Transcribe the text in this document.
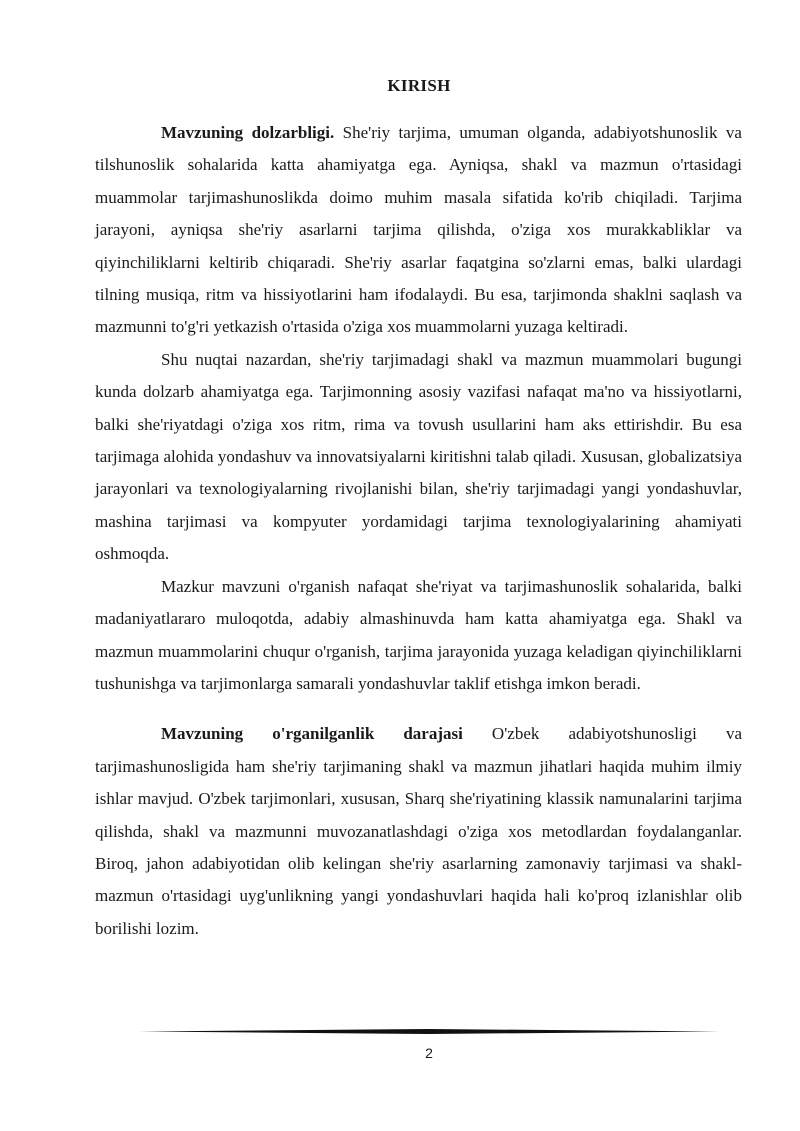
KIRISH

Mavzuning dolzarbligi. She'riy tarjima, umuman olganda, adabiyotshunoslik va tilshunoslik sohalarida katta ahamiyatga ega. Ayniqsa, shakl va mazmun o'rtasidagi muammolar tarjimashunoslikda doimo muhim masala sifatida ko'rib chiqiladi. Tarjima jarayoni, ayniqsa she'riy asarlarni tarjima qilishda, o'ziga xos murakkabliklar va qiyinchiliklarni keltirib chiqaradi. She'riy asarlar faqatgina so'zlarni emas, balki ulardagi tilning musiqa, ritm va hissiyotlarini ham ifodalaydi. Bu esa, tarjimonda shaklni saqlash va mazmunni to'g'ri yetkazish o'rtasida o'ziga xos muammolarni yuzaga keltiradi.

Shu nuqtai nazardan, she'riy tarjimadagi shakl va mazmun muammolari bugungi kunda dolzarb ahamiyatga ega. Tarjimonning asosiy vazifasi nafaqat ma'no va hissiyotlarni, balki she'riyatdagi o'ziga xos ritm, rima va tovush usullarini ham aks ettirishdir. Bu esa tarjimaga alohida yondashuv va innovatsiyalarni kiritishni talab qiladi. Xususan, globalizatsiya jarayonlari va texnologiyalarning rivojlanishi bilan, she'riy tarjimadagi yangi yondashuvlar, mashina tarjimasi va kompyuter yordamidagi tarjima texnologiyalarining ahamiyati oshmoqda.

Mazkur mavzuni o'rganish nafaqat she'riyat va tarjimashunoslik sohalarida, balki madaniyatlararo muloqotda, adabiy almashinuvda ham katta ahamiyatga ega. Shakl va mazmun muammolarini chuqur o'rganish, tarjima jarayonida yuzaga keladigan qiyinchiliklarni tushunishga va tarjimonlarga samarali yondashuvlar taklif etishga imkon beradi.

Mavzuning o'rganilganlik darajasi O'zbek adabiyotshunosligi va tarjimashunosligida ham she'riy tarjimaning shakl va mazmun jihatlari haqida muhim ilmiy ishlar mavjud. O'zbek tarjimonlari, xususan, Sharq she'riyatining klassik namunalarini tarjima qilishda, shakl va mazmunni muvozanatlashdagi o'ziga xos metodlardan foydalanganlar. Biroq, jahon adabiyotidan olib kelingan she'riy asarlarning zamonaviy tarjimasi va shakl-mazmun o'rtasidagi uyg'unlikning yangi yondashuvlari haqida hali ko'proq izlanishlar olib borilishi lozim.

2
